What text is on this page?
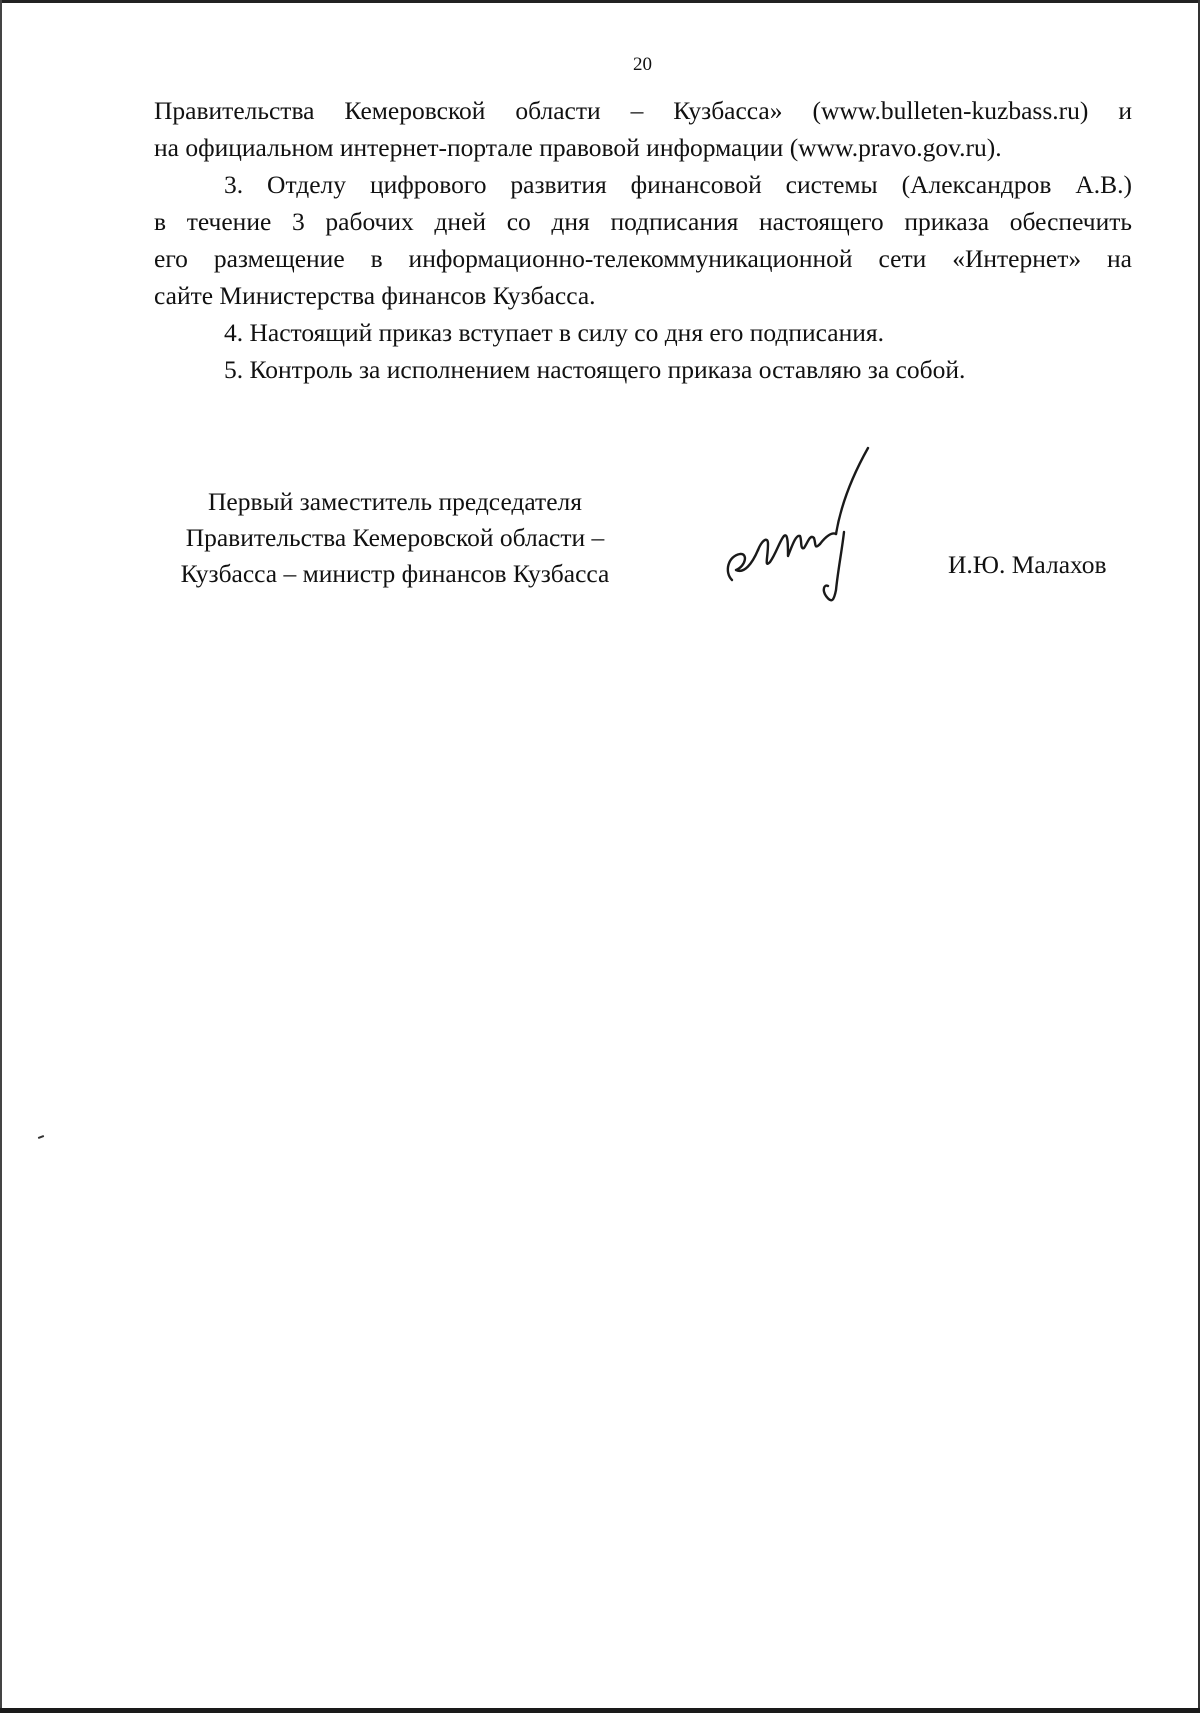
20
Правительства Кемеровской области – Кузбасса» (www.bulleten-kuzbass.ru) и
на официальном интернет-портале правовой информации (www.pravo.gov.ru).
3. Отделу цифрового развития финансовой системы (Александров А.В.)
в течение 3 рабочих дней со дня подписания настоящего приказа обеспечить
его размещение в информационно-телекоммуникационной сети «Интернет» на
сайте Министерства финансов Кузбасса.
4. Настоящий приказ вступает в силу со дня его подписания.
5. Контроль за исполнением настоящего приказа оставляю за собой.
Первый заместитель председателя
Правительства Кемеровской области –
Кузбасса – министр финансов Кузбасса	И.Ю. Малахов
